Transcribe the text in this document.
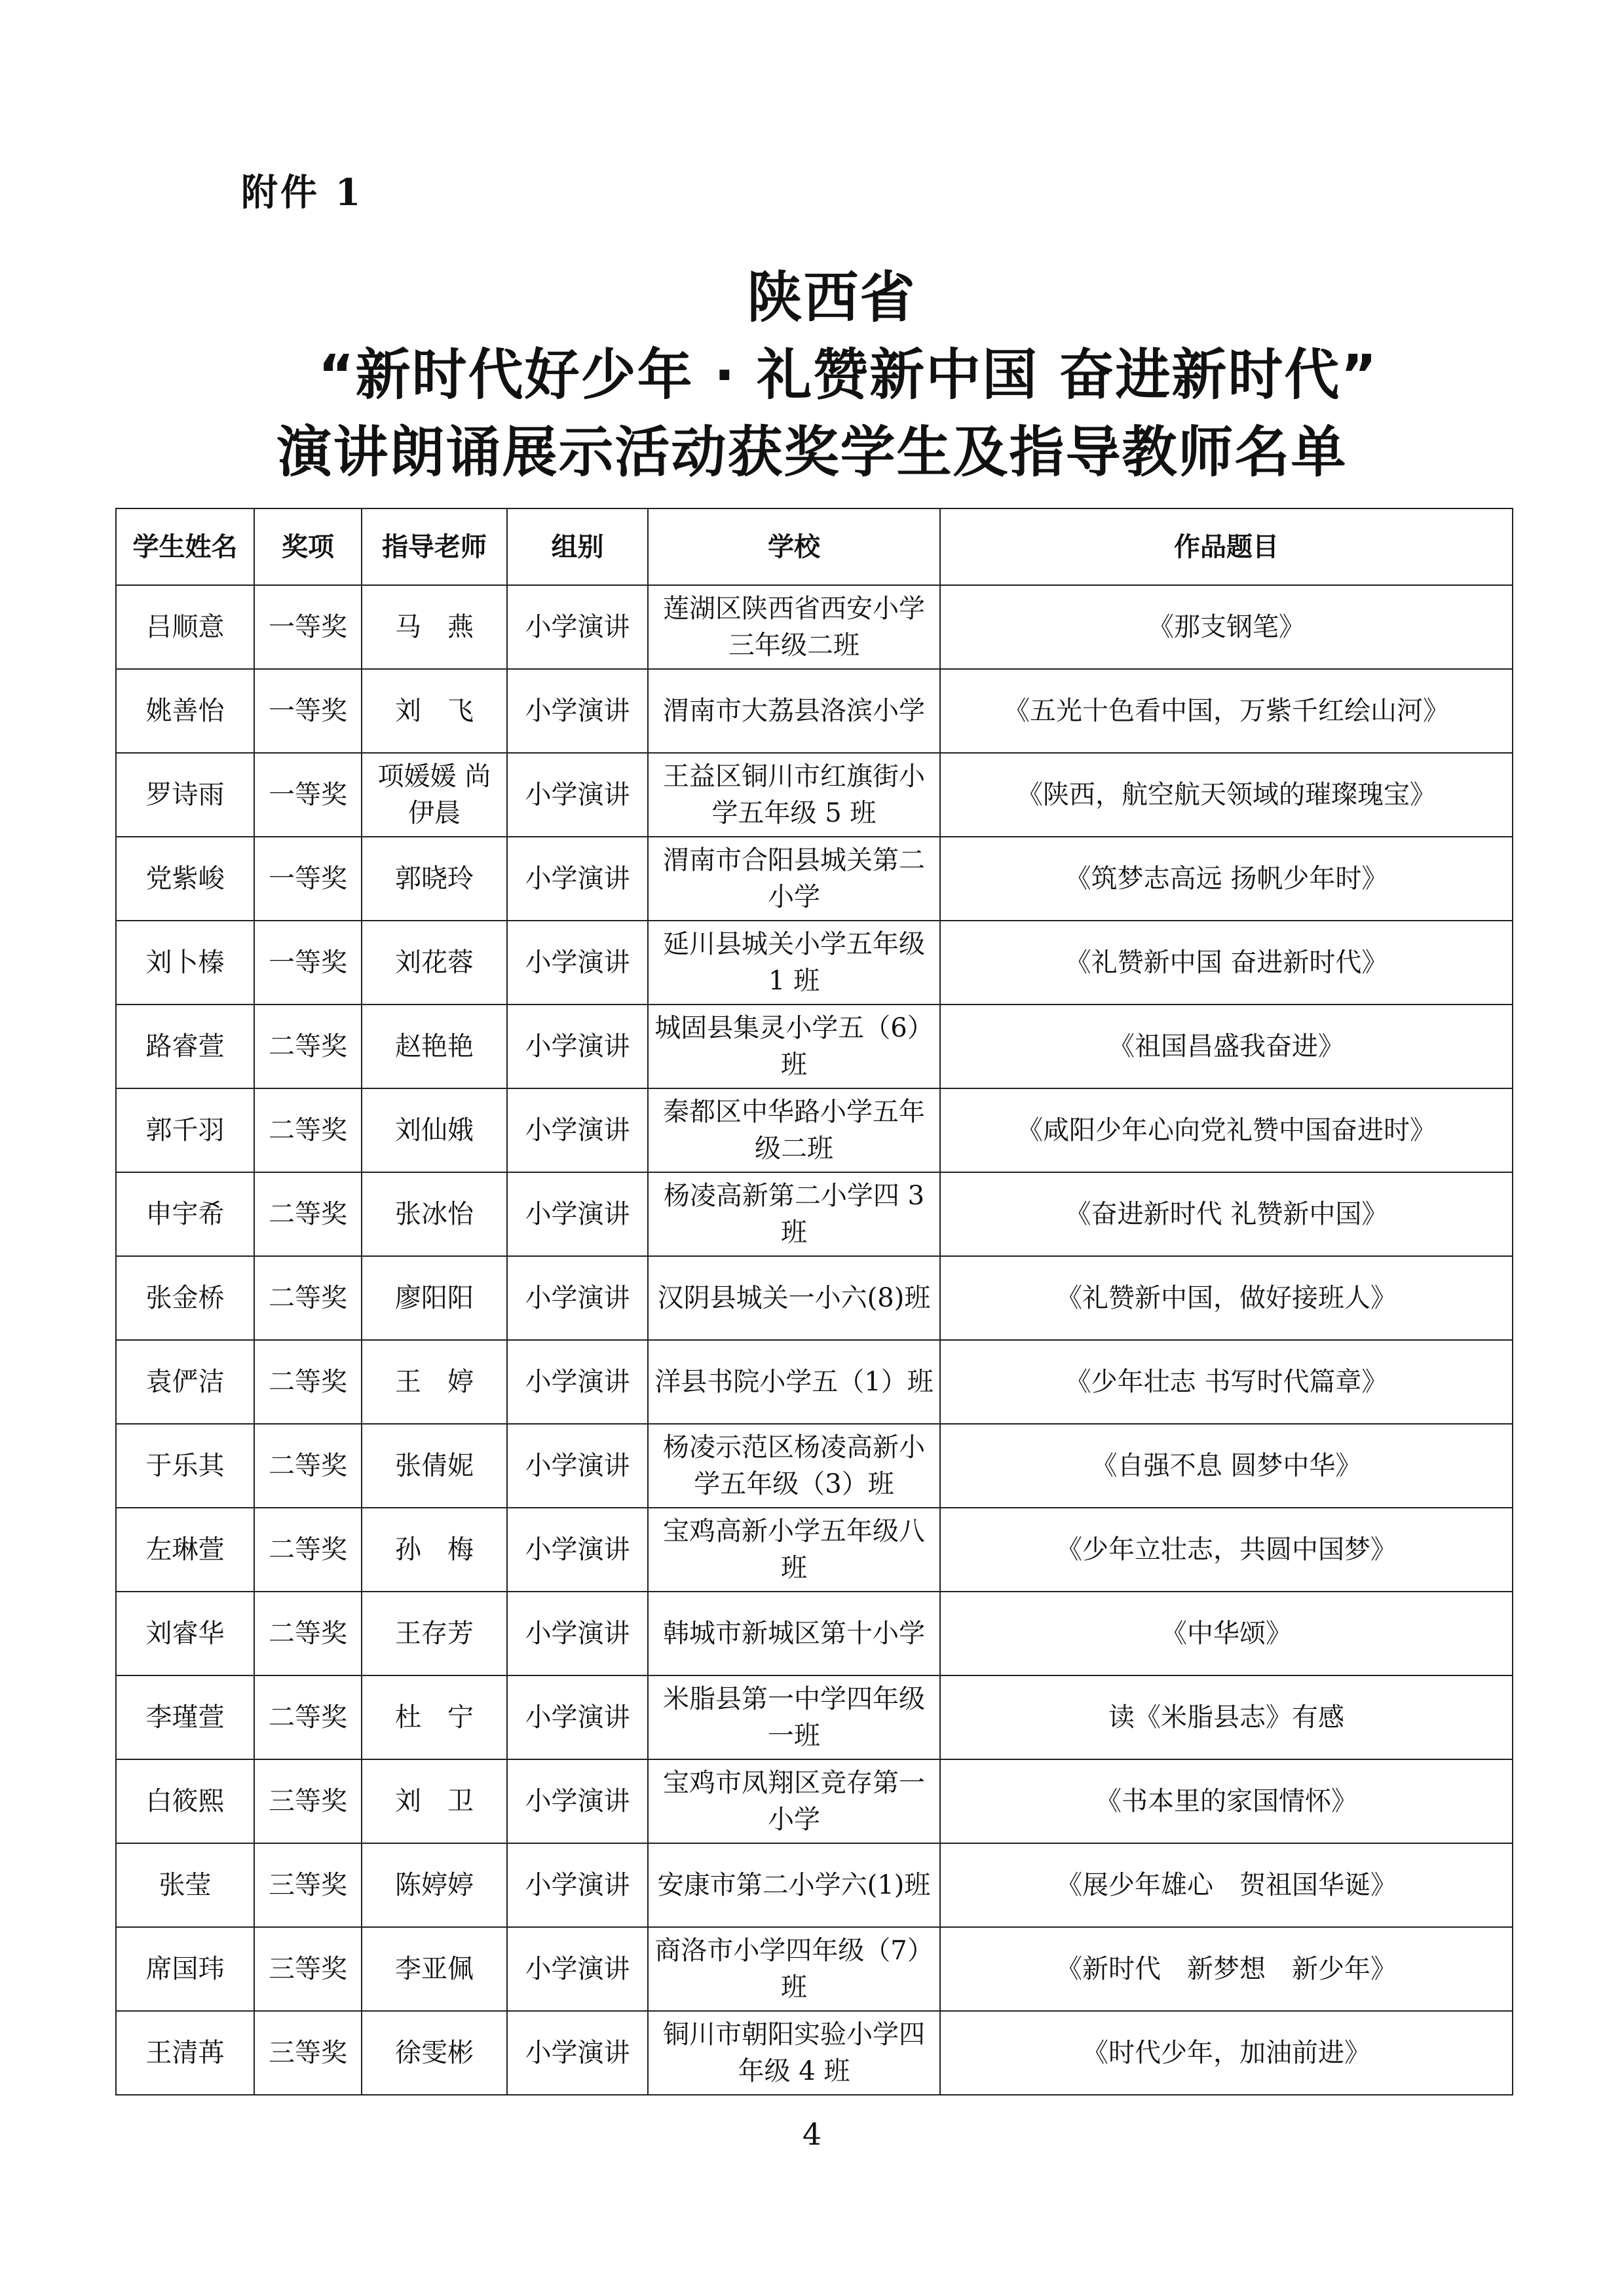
附件 1
陕西省
“新时代好少年 · 礼赞新中国 奋进新时代”
演讲朗诵展示活动获奖学生及指导教师名单
学生姓名	奖项	指导老师	组别	学校	作品题目
吕顺意	一等奖	马　燕	小学演讲	莲湖区陕西省西安小学三年级二班	《那支钢笔》
姚善怡	一等奖	刘　飞	小学演讲	渭南市大荔县洛滨小学	《五光十色看中国，万紫千红绘山河》
罗诗雨	一等奖	项媛媛 尚伊晨	小学演讲	王益区铜川市红旗街小学五年级 5 班	《陕西，航空航天领域的璀璨瑰宝》
党紫峻	一等奖	郭晓玲	小学演讲	渭南市合阳县城关第二小学	《筑梦志高远 扬帆少年时》
刘卜榛	一等奖	刘花蓉	小学演讲	延川县城关小学五年级 1 班	《礼赞新中国 奋进新时代》
路睿萱	二等奖	赵艳艳	小学演讲	城固县集灵小学五（6）班	《祖国昌盛我奋进》
郭千羽	二等奖	刘仙娥	小学演讲	秦都区中华路小学五年级二班	《咸阳少年心向党礼赞中国奋进时》
申宇希	二等奖	张冰怡	小学演讲	杨凌高新第二小学四 3 班	《奋进新时代 礼赞新中国》
张金桥	二等奖	廖阳阳	小学演讲	汉阴县城关一小六(8)班	《礼赞新中国，做好接班人》
袁俨洁	二等奖	王　婷	小学演讲	洋县书院小学五（1）班	《少年壮志 书写时代篇章》
于乐其	二等奖	张倩妮	小学演讲	杨凌示范区杨凌高新小学五年级（3）班	《自强不息 圆梦中华》
左琳萱	二等奖	孙　梅	小学演讲	宝鸡高新小学五年级八班	《少年立壮志，共圆中国梦》
刘睿华	二等奖	王存芳	小学演讲	韩城市新城区第十小学	《中华颂》
李瑾萱	二等奖	杜　宁	小学演讲	米脂县第一中学四年级一班	读《米脂县志》有感
白筱熙	三等奖	刘　卫	小学演讲	宝鸡市凤翔区竞存第一小学	《书本里的家国情怀》
张莹	三等奖	陈婷婷	小学演讲	安康市第二小学六(1)班	《展少年雄心　贺祖国华诞》
席国玮	三等奖	李亚佩	小学演讲	商洛市小学四年级（7）班	《新时代　新梦想　新少年》
王清苒	三等奖	徐雯彬	小学演讲	铜川市朝阳实验小学四年级 4 班	《时代少年，加油前进》
4
